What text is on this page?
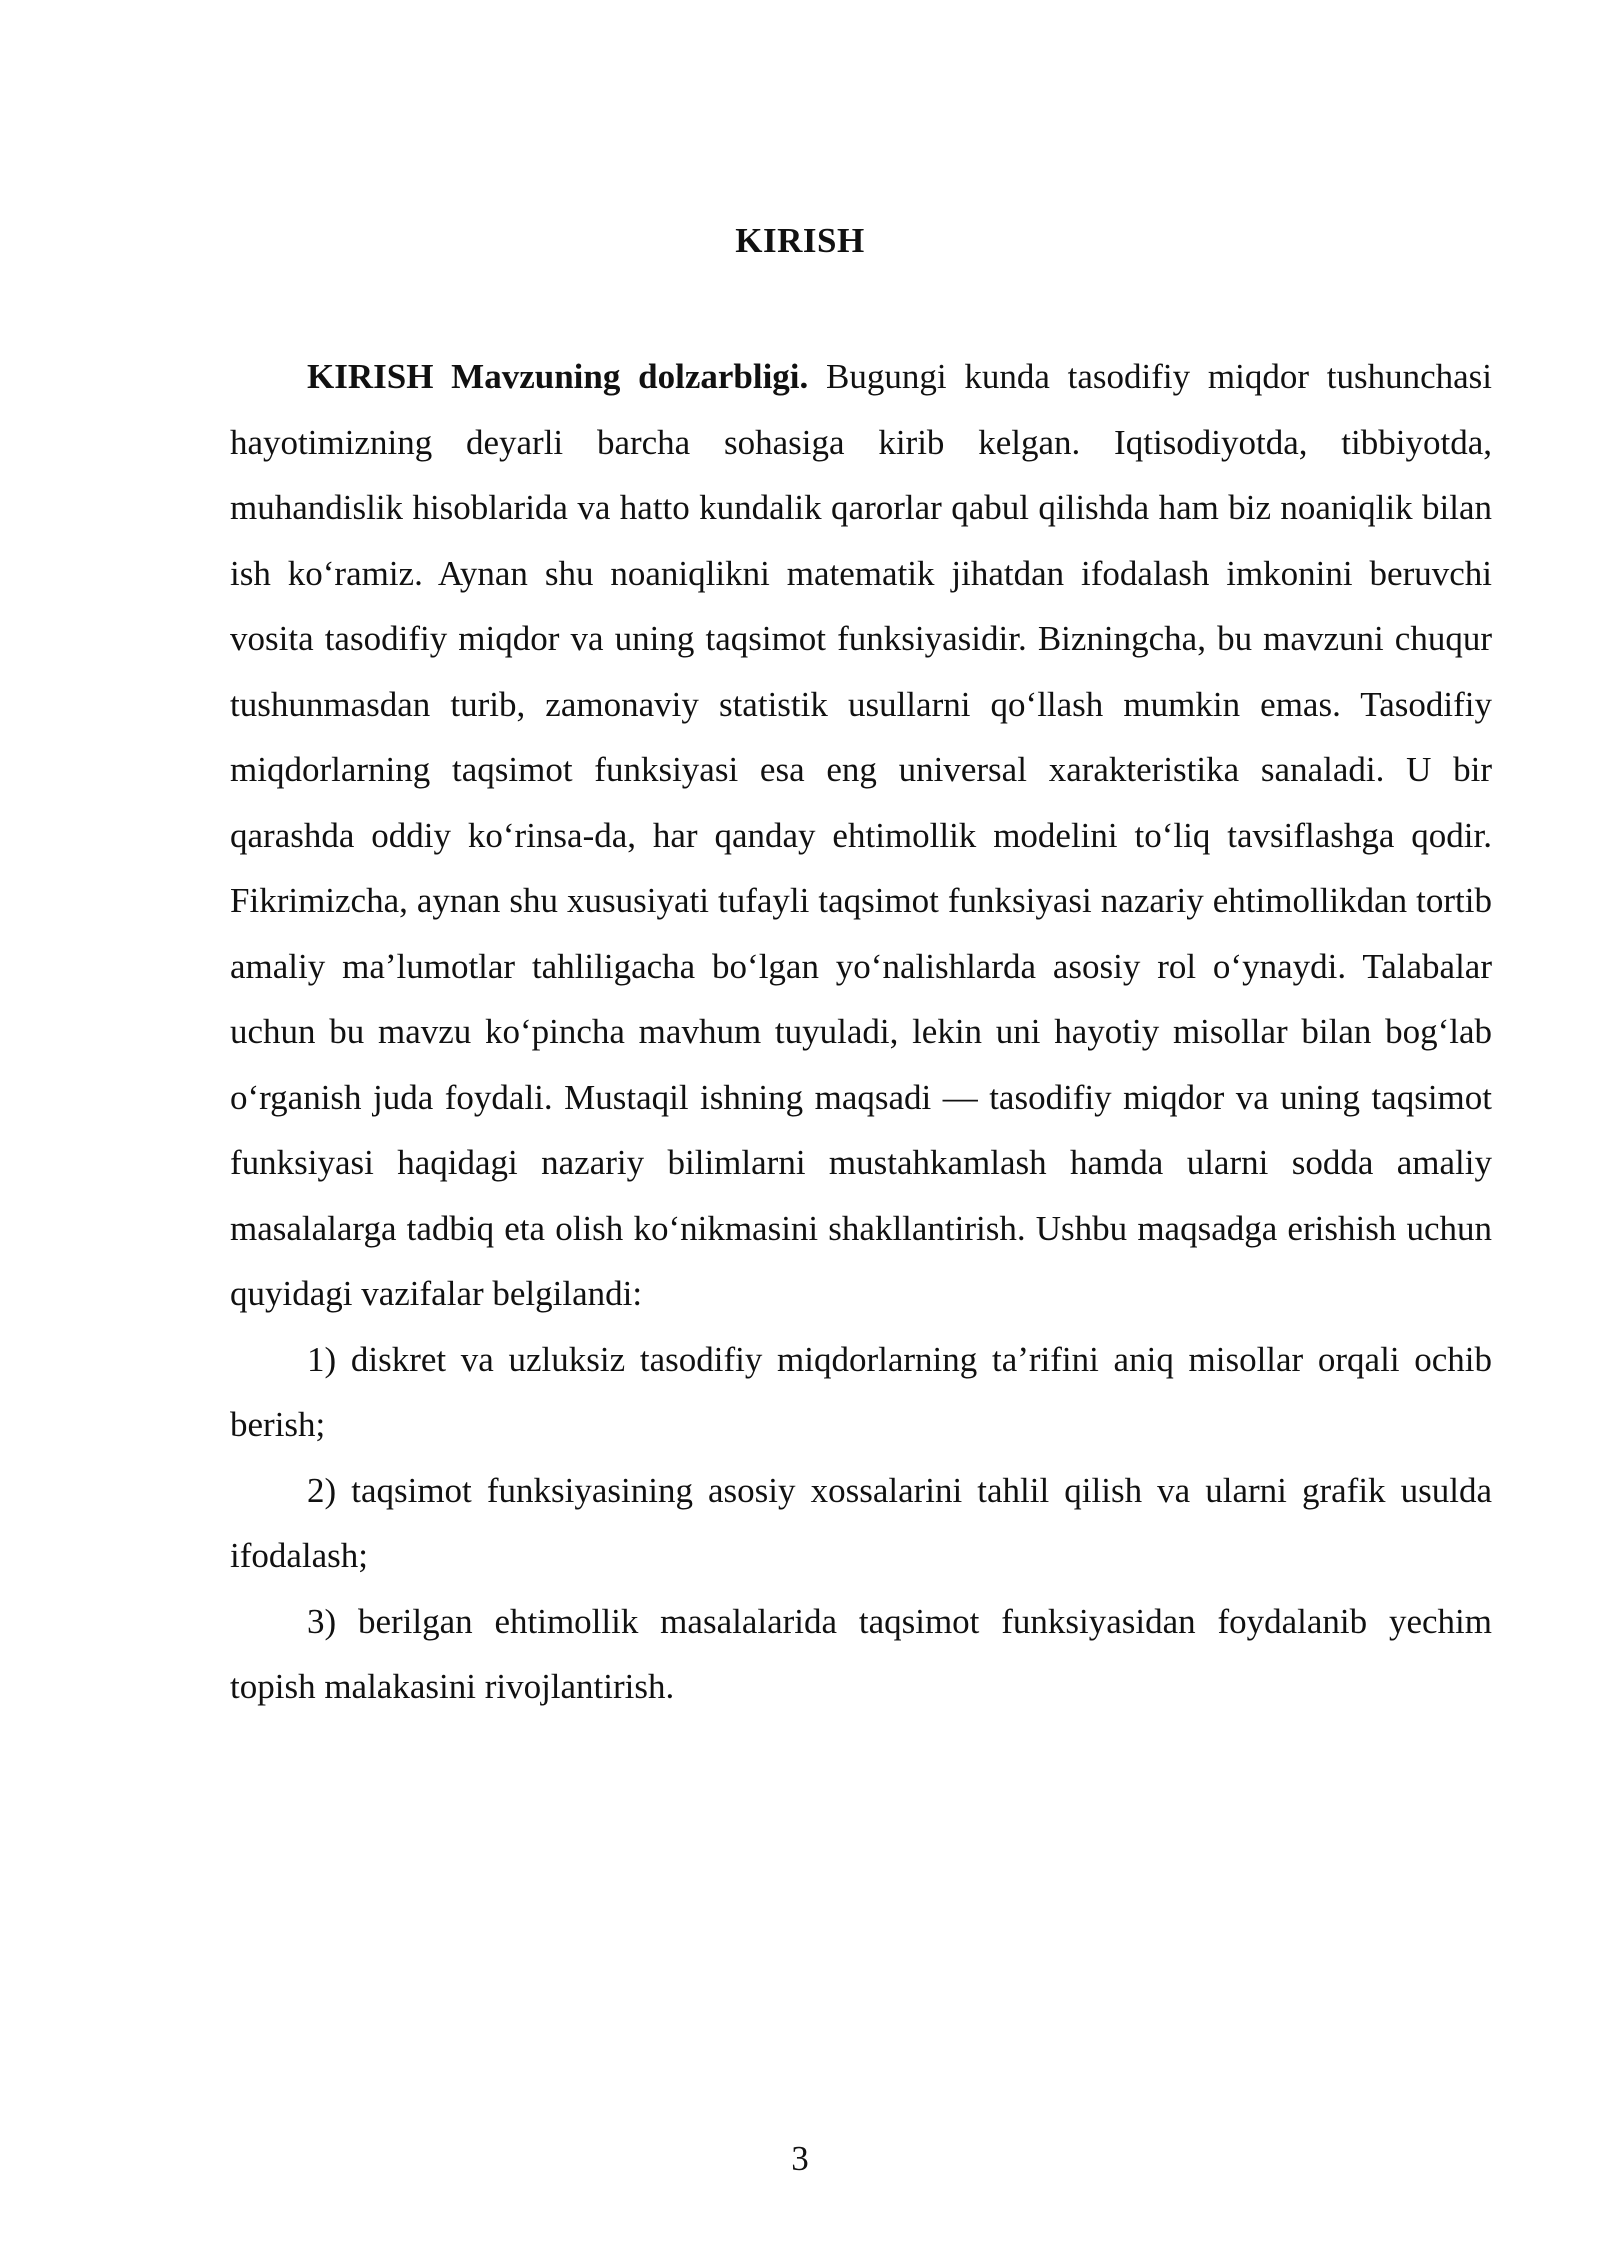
KIRISH

KIRISH Mavzuning dolzarbligi. Bugungi kunda tasodifiy miqdor tushunchasi hayotimizning deyarli barcha sohasiga kirib kelgan. Iqtisodiyotda, tibbiyotda, muhandislik hisoblarida va hatto kundalik qarorlar qabul qilishda ham biz noaniqlik bilan ish koʻramiz. Aynan shu noaniqlikni matematik jihatdan ifodalash imkonini beruvchi vosita tasodifiy miqdor va uning taqsimot funksiyasidir. Bizningcha, bu mavzuni chuqur tushunmasdan turib, zamonaviy statistik usullarni qoʻllash mumkin emas. Tasodifiy miqdorlarning taqsimot funksiyasi esa eng universal xarakteristika sanaladi. U bir qarashda oddiy koʻrinsa-da, har qanday ehtimollik modelini toʻliq tavsiflashga qodir. Fikrimizcha, aynan shu xususiyati tufayli taqsimot funksiyasi nazariy ehtimollikdan tortib amaliy maʼlumotlar tahliligacha boʻlgan yoʻnalishlarda asosiy rol oʻynaydi. Talabalar uchun bu mavzu koʻpincha mavhum tuyuladi, lekin uni hayotiy misollar bilan bogʻlab oʻrganish juda foydali. Mustaqil ishning maqsadi — tasodifiy miqdor va uning taqsimot funksiyasi haqidagi nazariy bilimlarni mustahkamlash hamda ularni sodda amaliy masalalarga tadbiq eta olish koʻnikmasini shakllantirish. Ushbu maqsadga erishish uchun quyidagi vazifalar belgilandi:

1) diskret va uzluksiz tasodifiy miqdorlarning taʼrifini aniq misollar orqali ochib berish;

2) taqsimot funksiyasining asosiy xossalarini tahlil qilish va ularni grafik usulda ifodalash;

3) berilgan ehtimollik masalalarida taqsimot funksiyasidan foydalanib yechim topish malakasini rivojlantirish.

3
